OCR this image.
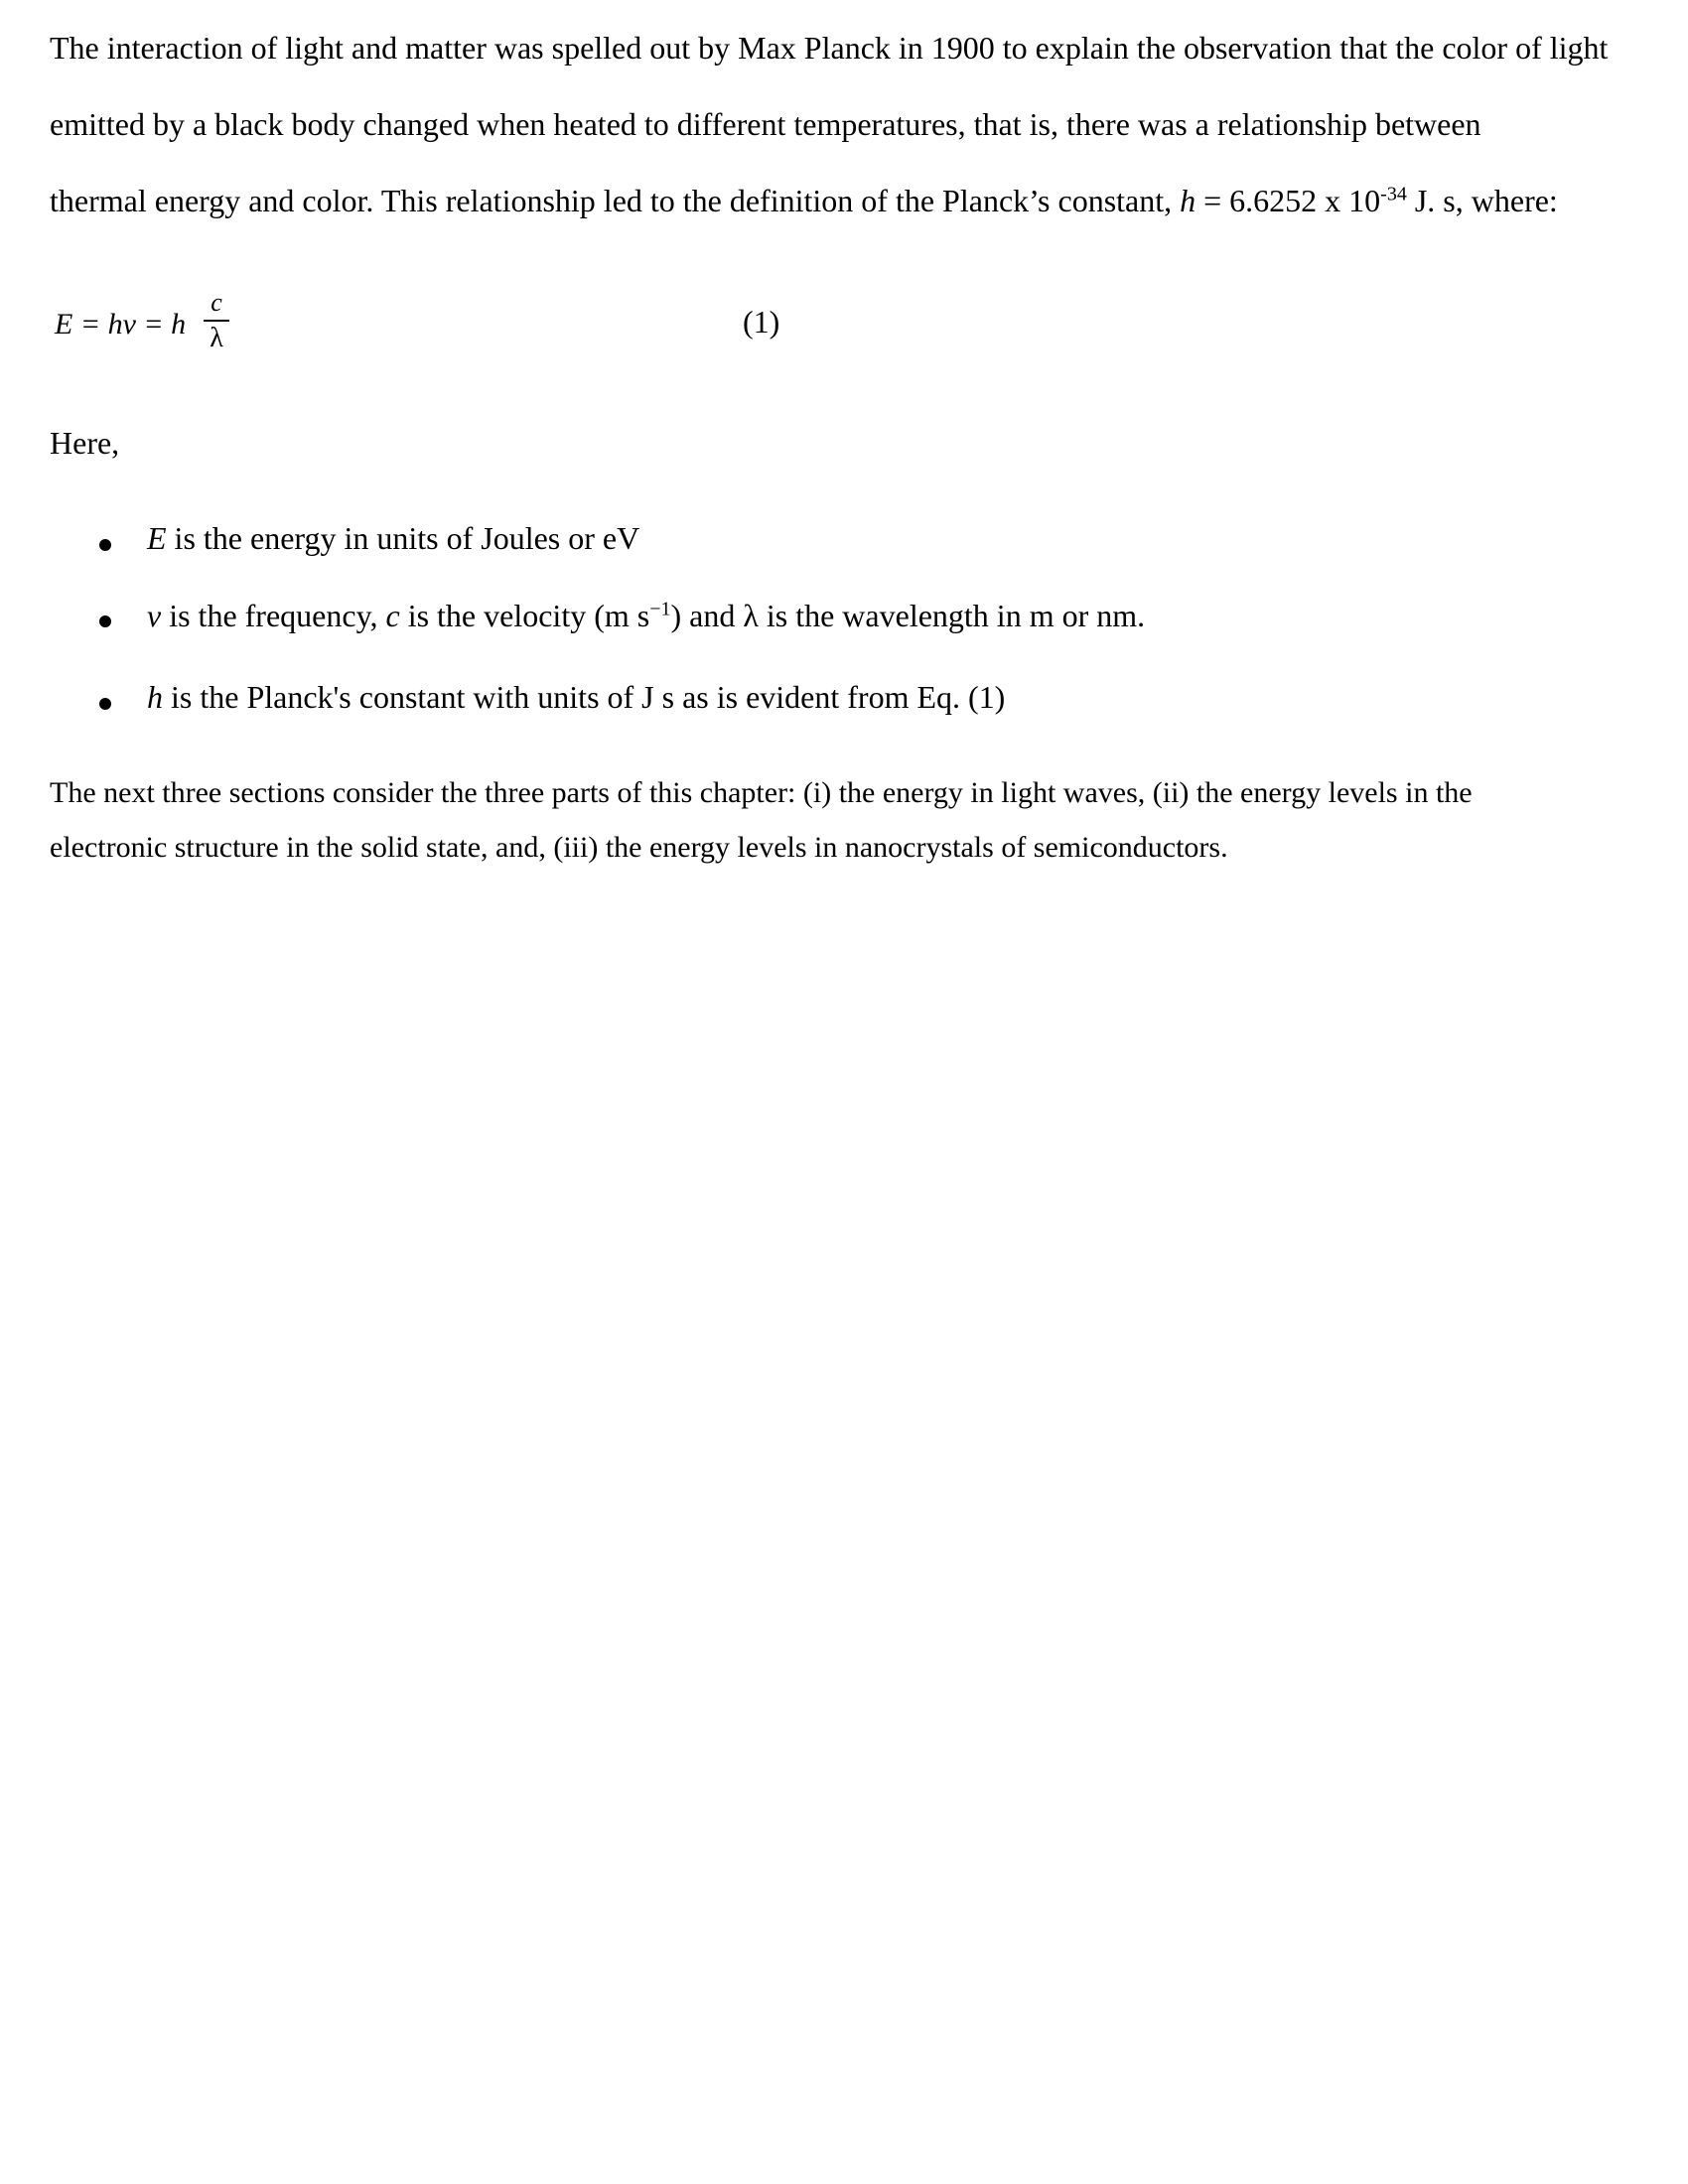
The interaction of light and matter was spelled out by Max Planck in 1900 to explain the observation that the color of light
emitted by a black body changed when heated to different temperatures, that is, there was a relationship between
thermal energy and color. This relationship led to the definition of the Planck’s constant, h = 6.6252 x $10^{-34}$ J. s, where:
E = hν = h
c
λ	(1)
Here,
E is the energy in units of Joules or eV
ν is the frequency, c is the velocity (m $s^{-1}$) and λ is the wavelength in m or nm.
h is the Planck's constant with units of J s as is evident from Eq. (1)
The next three sections consider the three parts of this chapter: (i) the energy in light waves, (ii) the energy levels in the
electronic structure in the solid state, and, (iii) the energy levels in nanocrystals of semiconductors.
